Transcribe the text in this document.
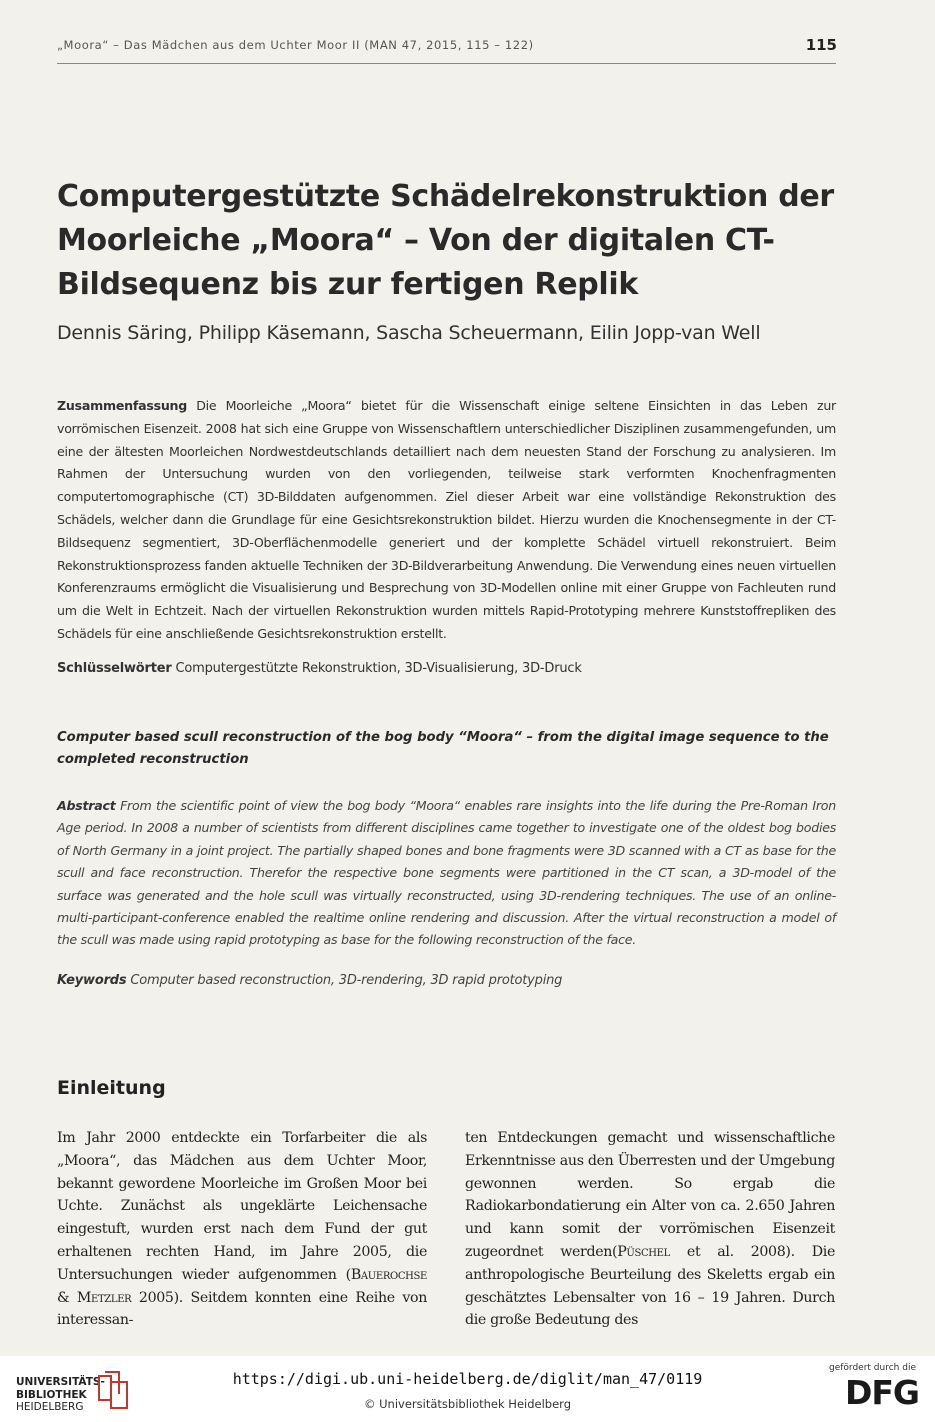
„Moora“ – Das Mädchen aus dem Uchter Moor II (MAN 47, 2015, 115 – 122)	115
Computergestützte Schädelrekonstruktion der Moorleiche „Moora“ – Von der digitalen CT-Bildsequenz bis zur fertigen Replik
Dennis Säring, Philipp Käsemann, Sascha Scheuermann, Eilin Jopp-van Well
Zusammenfassung Die Moorleiche „Moora“ bietet für die Wissenschaft einige seltene Einsichten in das Leben zur vorrömischen Eisenzeit. 2008 hat sich eine Gruppe von Wissenschaftlern unterschiedlicher Disziplinen zusammengefunden, um eine der ältesten Moorleichen Nordwestdeutschlands detailliert nach dem neuesten Stand der Forschung zu analysieren. Im Rahmen der Untersuchung wurden von den vorliegenden, teilweise stark verformten Knochenfragmenten computertomographische (CT) 3D-Bilddaten aufgenommen. Ziel dieser Arbeit war eine vollständige Rekonstruktion des Schädels, welcher dann die Grundlage für eine Gesichtsrekonstruktion bildet. Hierzu wurden die Knochensegmente in der CT-Bildsequenz segmentiert, 3D-Oberflächenmodelle generiert und der komplette Schädel virtuell rekonstruiert. Beim Rekonstruktionsprozess fanden aktuelle Techniken der 3D-Bildverarbeitung Anwendung. Die Verwendung eines neuen virtuellen Konferenzraums ermöglicht die Visualisierung und Besprechung von 3D-Modellen online mit einer Gruppe von Fachleuten rund um die Welt in Echtzeit. Nach der virtuellen Rekonstruktion wurden mittels Rapid-Prototyping mehrere Kunststoffrepliken des Schädels für eine anschließende Gesichtsrekonstruktion erstellt.
Schlüsselwörter Computergestützte Rekonstruktion, 3D-Visualisierung, 3D-Druck
Computer based scull reconstruction of the bog body “Moora“ – from the digital image sequence to the completed reconstruction
Abstract From the scientific point of view the bog body “Moora“ enables rare insights into the life during the Pre-Roman Iron Age period. In 2008 a number of scientists from different disciplines came together to investigate one of the oldest bog bodies of North Germany in a joint project. The partially shaped bones and bone fragments were 3D scanned with a CT as base for the scull and face reconstruction. Therefor the respective bone segments were partitioned in the CT scan, a 3D-model of the surface was generated and the hole scull was virtually reconstructed, using 3D-rendering techniques. The use of an online-multi-participant-conference enabled the realtime online rendering and discussion. After the virtual reconstruction a model of the scull was made using rapid prototyping as base for the following reconstruction of the face.
Keywords Computer based reconstruction, 3D-rendering, 3D rapid prototyping
Einleitung
Im Jahr 2000 entdeckte ein Torfarbeiter die als „Moora“, das Mädchen aus dem Uchter Moor, bekannt gewordene Moorleiche im Großen Moor bei Uchte. Zunächst als ungeklärte Leichensache eingestuft, wurden erst nach dem Fund der gut erhaltenen rechten Hand, im Jahre 2005, die Untersuchungen wieder aufgenommen (Bauerochse & Metzler 2005). Seitdem konnten eine Reihe von interessan-
ten Entdeckungen gemacht und wissenschaftliche Erkenntnisse aus den Überresten und der Umgebung gewonnen werden. So ergab die Radiokarbondatierung ein Alter von ca. 2.650 Jahren und kann somit der vorrömischen Eisenzeit zugeordnet werden(Püschel et al. 2008). Die anthropologische Beurteilung des Skeletts ergab ein geschätztes Lebensalter von 16 – 19 Jahren. Durch die große Bedeutung des
UNIVERSITÄTS-
BIBLIOTHEK
HEIDELBERG
https://digi.ub.uni-heidelberg.de/diglit/man_47/0119
© Universitätsbibliothek Heidelberg
gefördert durch die
DFG
